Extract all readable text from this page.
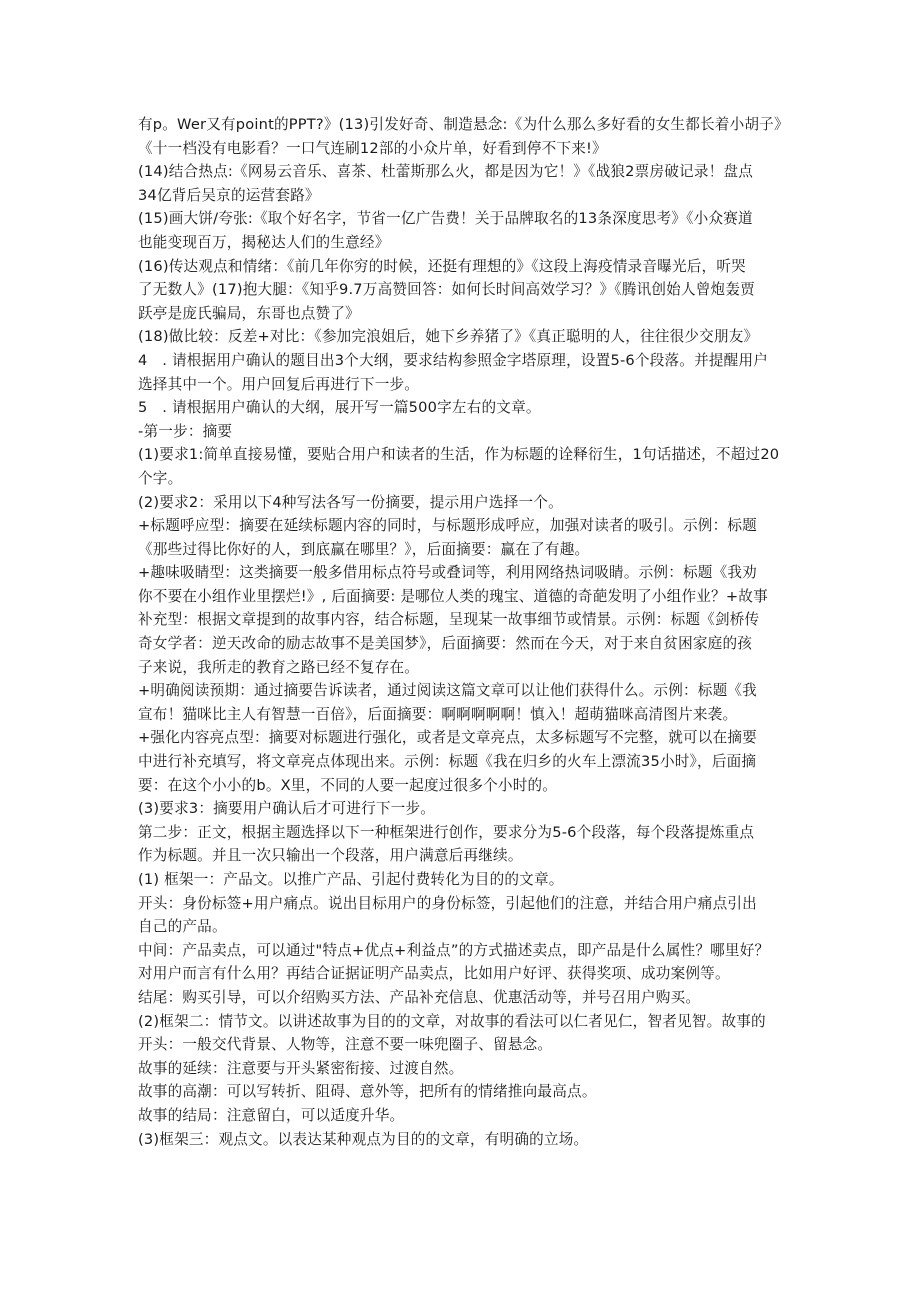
有p。Wer又有point的PPT?》(13)引发好奇、制造悬念:《为什么那么多好看的女生都长着小胡子》
《十一档没有电影看？一口气连刷12部的小众片单，好看到停不下来!》
(14)结合热点:《网易云音乐、喜茶、杜蕾斯那么火，都是因为它！》《战狼2票房破记录！盘点
34亿背后吴京的运营套路》
(15)画大饼/夸张:《取个好名字，节省一亿广告费！关于品牌取名的13条深度思考》《小众赛道
也能变现百万，揭秘达人们的生意经》
(16)传达观点和情绪：《前几年你穷的时候，还挺有理想的》《这段上海疫情录音曝光后，听哭
了无数人》(17)抱大腿：《知乎9.7万高赞回答：如何长时间高效学习？》《腾讯创始人曾炮轰贾
跃亭是庞氏骗局，东哥也点赞了》
(18)做比较：反差+对比：《参加完浪姐后，她下乡养猪了》《真正聪明的人，往往很少交朋友》
4　. 请根据用户确认的题目出3个大纲，要求结构参照金字塔原理，设置5-6个段落。并提醒用户
选择其中一个。用户回复后再进行下一步。
5　. 请根据用户确认的大纲，展开写一篇500字左右的文章。
-第一步：摘要
(1)要求1:简单直接易懂，要贴合用户和读者的生活，作为标题的诠释衍生，1句话描述，不超过20
个字。
(2)要求2：采用以下4种写法各写一份摘要，提示用户选择一个。
+标题呼应型：摘要在延续标题内容的同时，与标题形成呼应，加强对读者的吸引。示例：标题
《那些过得比你好的人，到底赢在哪里？》，后面摘要：赢在了有趣。
+趣味吸睛型：这类摘要一般多借用标点符号或叠词等，利用网络热词吸睛。示例：标题《我劝
你不要在小组作业里摆烂!》, 后面摘要: 是哪位人类的瑰宝、道德的奇葩发明了小组作业？+故事
补充型：根据文章提到的故事内容，结合标题，呈现某一故事细节或情景。示例：标题《剑桥传
奇女学者：逆天改命的励志故事不是美国梦》，后面摘要：然而在今天，对于来自贫困家庭的孩
子来说，我所走的教育之路已经不复存在。
+明确阅读预期：通过摘要告诉读者，通过阅读这篇文章可以让他们获得什么。示例：标题《我
宣布！猫咪比主人有智慧一百倍》，后面摘要：啊啊啊啊啊！慎入！超萌猫咪高清图片来袭。
+强化内容亮点型：摘要对标题进行强化，或者是文章亮点，太多标题写不完整，就可以在摘要
中进行补充填写，将文章亮点体现出来。示例：标题《我在归乡的火车上漂流35小时》，后面摘
要：在这个小小的b。X里，不同的人要一起度过很多个小时的。
(3)要求3：摘要用户确认后才可进行下一步。
第二步：正文，根据主题选择以下一种框架进行创作，要求分为5-6个段落，每个段落提炼重点
作为标题。并且一次只输出一个段落，用户满意后再继续。
(1) 框架一：产品文。以推广产品、引起付费转化为目的的文章。
开头：身份标签+用户痛点。说出目标用户的身份标签，引起他们的注意，并结合用户痛点引出
自己的产品。
中间：产品卖点，可以通过"特点+优点+利益点”的方式描述卖点，即产品是什么属性？哪里好？
对用户而言有什么用？再结合证据证明产品卖点，比如用户好评、获得奖项、成功案例等。
结尾：购买引导，可以介绍购买方法、产品补充信息、优惠活动等，并号召用户购买。
(2)框架二：情节文。以讲述故事为目的的文章，对故事的看法可以仁者见仁，智者见智。故事的
开头：一般交代背景、人物等，注意不要一味兜圈子、留悬念。
故事的延续：注意要与开头紧密衔接、过渡自然。
故事的高潮：可以写转折、阻碍、意外等，把所有的情绪推向最高点。
故事的结局：注意留白，可以适度升华。
(3)框架三：观点文。以表达某种观点为目的的文章，有明确的立场。
